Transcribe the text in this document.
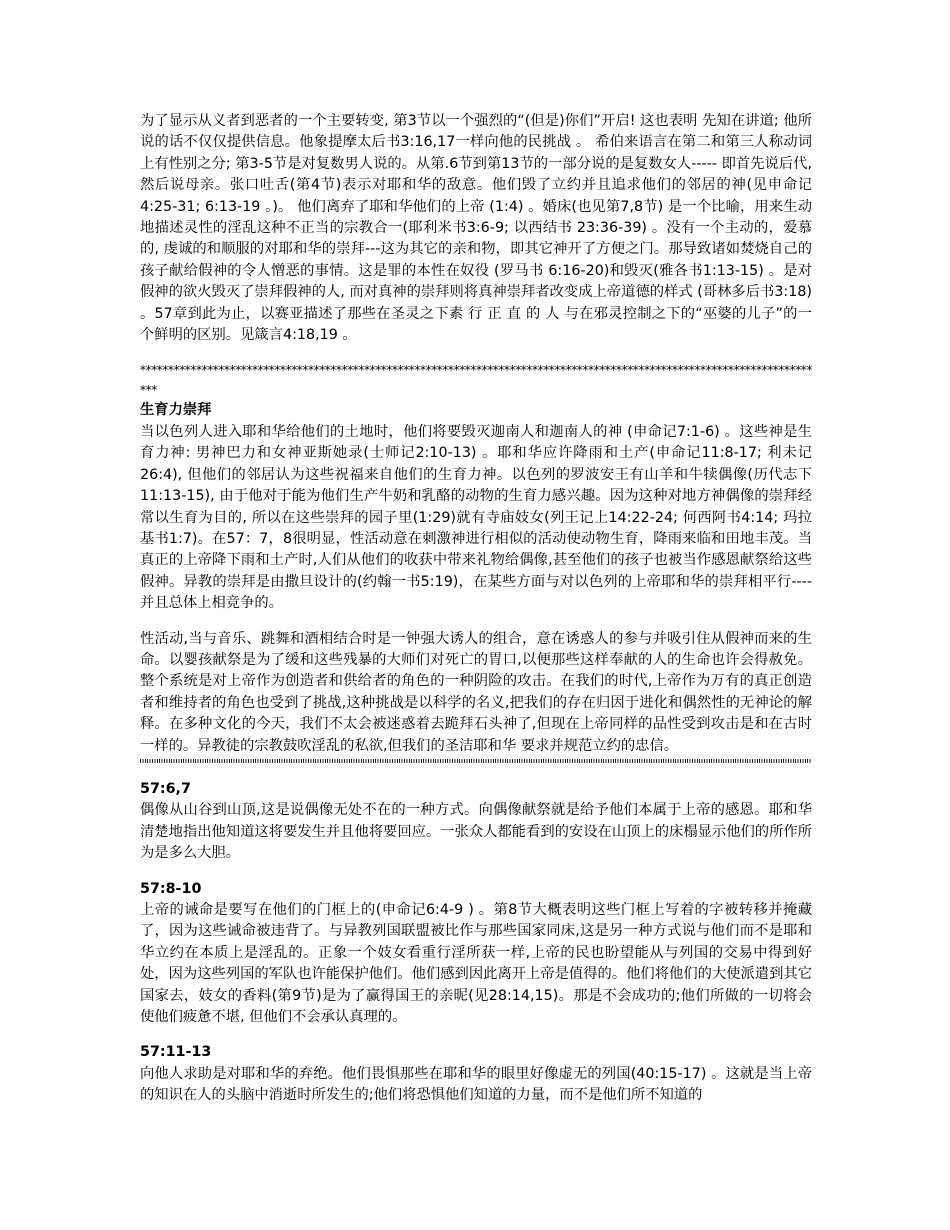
为了显示从义者到恶者的一个主要转变, 第3节以一个强烈的“(但是)你们”开启! 这也表明 先知在讲道; 他所说的话不仅仅提供信息。他象提摩太后书3:16,17一样向他的民挑战 。 希伯来语言在第二和第三人称动词上有性别之分; 第3-5节是对复数男人说的。从第.6节到第13节的一部分说的是复数女人----- 即首先说后代, 然后说母亲。张口吐舌(第4节)表示对耶和华的敌意。他们毁了立约并且追求他们的邻居的神(见申命记4:25-31; 6:13-19 。)。 他们离弃了耶和华他们的上帝 (1:4) 。婚床(也见第7,8节) 是一个比喻，用来生动地描述灵性的淫乱这种不正当的宗教合一(耶利米书3:6-9; 以西结书 23:36-39) 。没有一个主动的，爱慕的, 虔诚的和顺服的对耶和华的崇拜---这为其它的亲和物，即其它神开了方便之门。那导致诸如焚烧自己的孩子献给假神的令人憎恶的事情。这是罪的本性在奴役 (罗马书 6:16-20)和毁灭(雅各书1:13-15) 。是对假神的欲火毁灭了崇拜假神的人, 而对真神的崇拜则将真神崇拜者改变成上帝道德的样式 (哥林多后书3:18) 。57章到此为止，以赛亚描述了那些在圣灵之下素 行 正 直 的 人 与在邪灵控制之下的“巫婆的儿子”的一个鲜明的区别。见箴言4:18,19 。

***************************************************************************************************************************

生育力崇拜

当以色列人进入耶和华给他们的土地时，他们将要毁灭迦南人和迦南人的神 (申命记7:1-6) 。这些神是生育力神: 男神巴力和女神亚斯她录(士师记2:10-13) 。耶和华应许降雨和土产(申命记11:8-17; 利未记26:4), 但他们的邻居认为这些祝福来自他们的生育力神。以色列的罗波安王有山羊和牛犊偶像(历代志下11:13-15), 由于他对于能为他们生产牛奶和乳酪的动物的生育力感兴趣。因为这种对地方神偶像的崇拜经常以生育为目的, 所以在这些崇拜的园子里(1:29)就有寺庙妓女(列王记上14:22-24; 何西阿书4:14; 玛拉基书1:7)。在57：7，8很明显，性活动意在刺激神进行相似的活动使动物生育，降雨来临和田地丰茂。当真正的上帝降下雨和土产时,人们从他们的收获中带来礼物给偶像,甚至他们的孩子也被当作感恩献祭给这些假神。异教的崇拜是由撒旦设计的(约翰一书5:19)，在某些方面与对以色列的上帝耶和华的崇拜相平行---- 并且总体上相竞争的。

性活动,当与音乐、跳舞和酒相结合时是一钟强大诱人的组合，意在诱惑人的参与并吸引住从假神而来的生命。以婴孩献祭是为了缓和这些残暴的大师们对死亡的胃口,以便那些这样奉献的人的生命也许会得赦免。整个系统是对上帝作为创造者和供给者的角色的一种阴险的攻击。在我们的时代,上帝作为万有的真正创造者和维持者的角色也受到了挑战,这种挑战是以科学的名义,把我们的存在归因于进化和偶然性的无神论的解释。在多种文化的今天，我们不太会被迷惑着去跪拜石头神了,但现在上帝同样的品性受到攻击是和在古时一样的。异教徒的宗教鼓吹淫乱的私欲,但我们的圣洁耶和华 要求并规范立约的忠信。

57:6,7

偶像从山谷到山顶,这是说偶像无处不在的一种方式。向偶像献祭就是给予他们本属于上帝的感恩。耶和华清楚地指出他知道这将要发生并且他将要回应。一张众人都能看到的安设在山顶上的床榻显示他们的所作所为是多么大胆。

57:8-10

上帝的诫命是要写在他们的门框上的(申命记6:4-9 ) 。第8节大概表明这些门框上写着的字被转移并掩藏了，因为这些诫命被违背了。与异教列国联盟被比作与那些国家同床,这是另一种方式说与他们而不是耶和华立约在本质上是淫乱的。正象一个妓女看重行淫所获一样,上帝的民也盼望能从与列国的交易中得到好处，因为这些列国的军队也许能保护他们。他们感到因此离开上帝是值得的。他们将他们的大使派遣到其它国家去，妓女的香料(第9节)是为了赢得国王的亲昵(见28:14,15)。那是不会成功的;他们所做的一切将会使他们疲惫不堪, 但他们不会承认真理的。

57:11-13

向他人求助是对耶和华的弃绝。他们畏惧那些在耶和华的眼里好像虚无的列国(40:15-17) 。这就是当上帝的知识在人的头脑中消逝时所发生的;他们将恐惧他们知道的力量，而不是他们所不知道的
